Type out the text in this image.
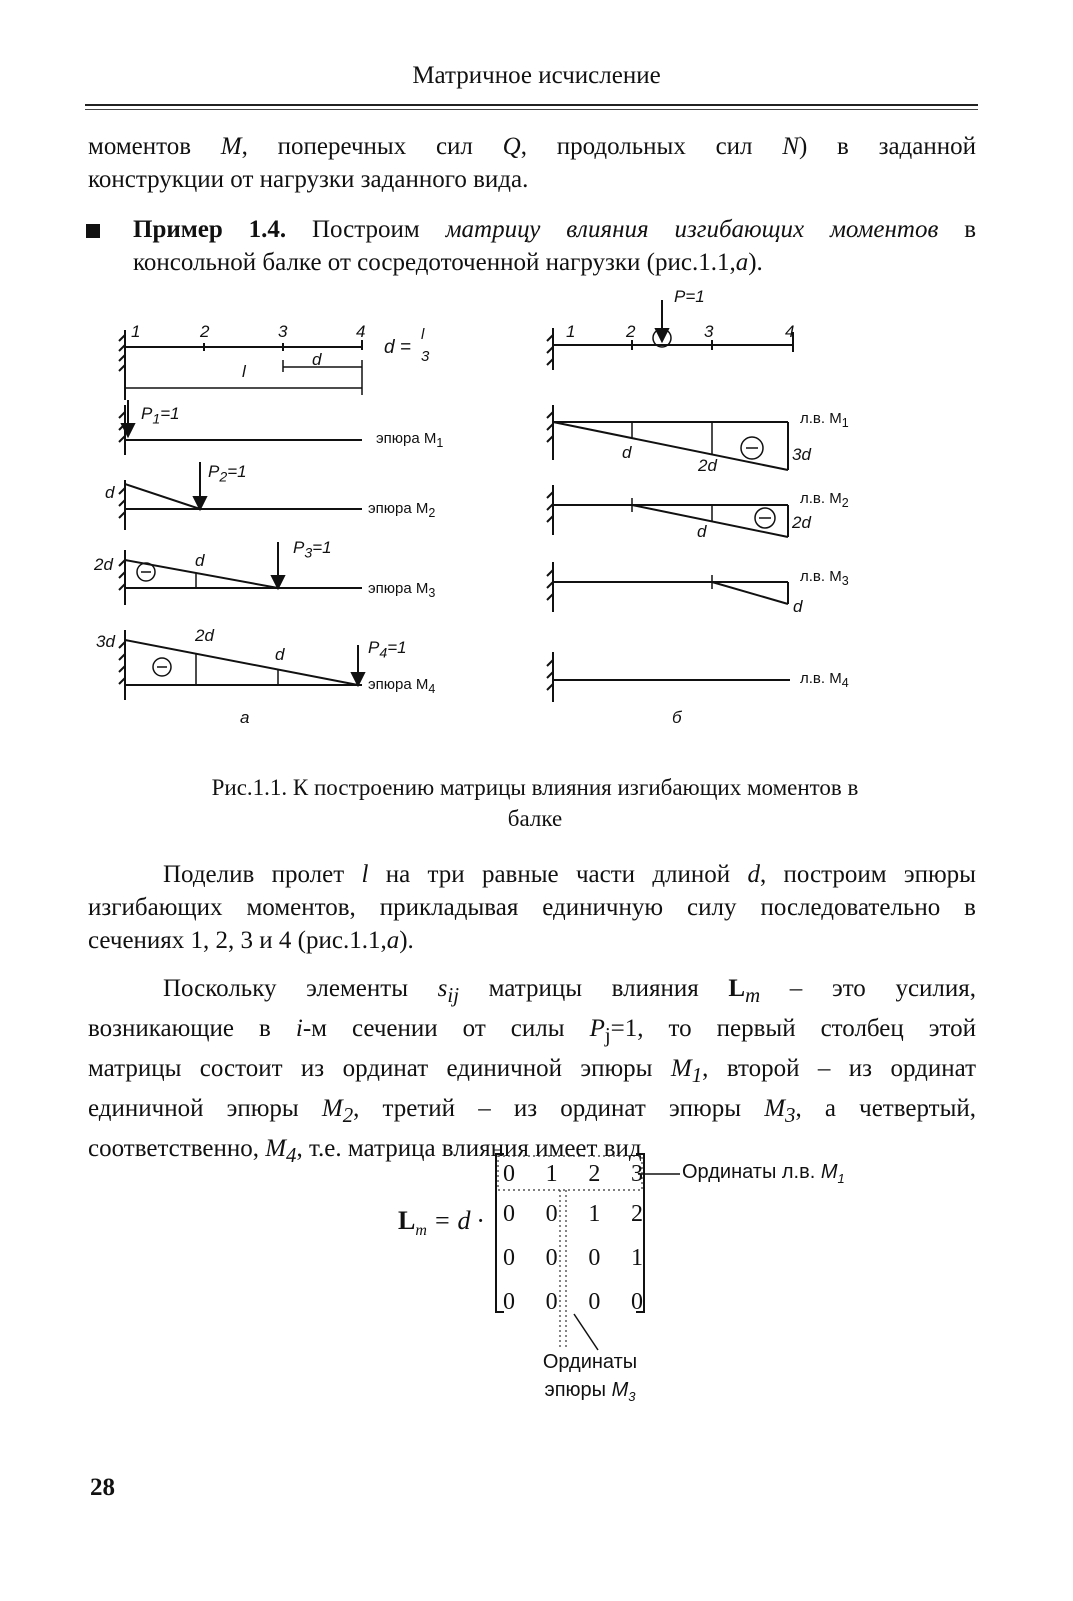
Матричное исчисление
моментов M, поперечных сил Q, продольных сил N) в заданной
конструкции от нагрузки заданного вида.
Пример 1.4. Построим матрицу влияния изгибающих моментов в
консольной балке от сосредоточенной нагрузки (рис.1.1,а).
1	2	3	4
l
d
d =
l
3
$P_1=1$
эпюра $M_1$
$P_2=1$
d
эпюра $M_2$
$P_3=1$
2d	d
эпюра $M_3$
$P_4=1$
3d	2d
d
эпюра $M_4$
а
1	2	3	4
P=1
л.в. $M_1$
d
2d
3d
л.в. $M_2$
d	2d
л.в. $M_3$
d
л.в. $M_4$
б
Рис.1.1. К построению матрицы влияния изгибающих моментов в
балке
Поделив пролет l на три равные части длиной d, построим эпюры
изгибающих моментов, прикладывая единичную силу последовательно в
сечениях 1, 2, 3 и 4 (рис.1.1,а).
Поскольку элементы $s_{ij}$ матрицы влияния $L_m$ – это усилия,
возникающие в i-м сечении от силы $P_j=1$, то первый столбец этой
матрицы состоит из ординат единичной эпюры $M_1$, второй – из ординат
единичной эпюры $M_2$, третий – из ординат эпюры $M_3$, а четвертый,
соответственно, $M_4$, т.е. матрица влияния имеет вид
$L_m = d$ ·
0 1 2 3
0 0 1 2
0 0 0 1
0 0 0 0
Ординаты л.в. $M_1$
Ординаты
эпюры $M_3$
28
